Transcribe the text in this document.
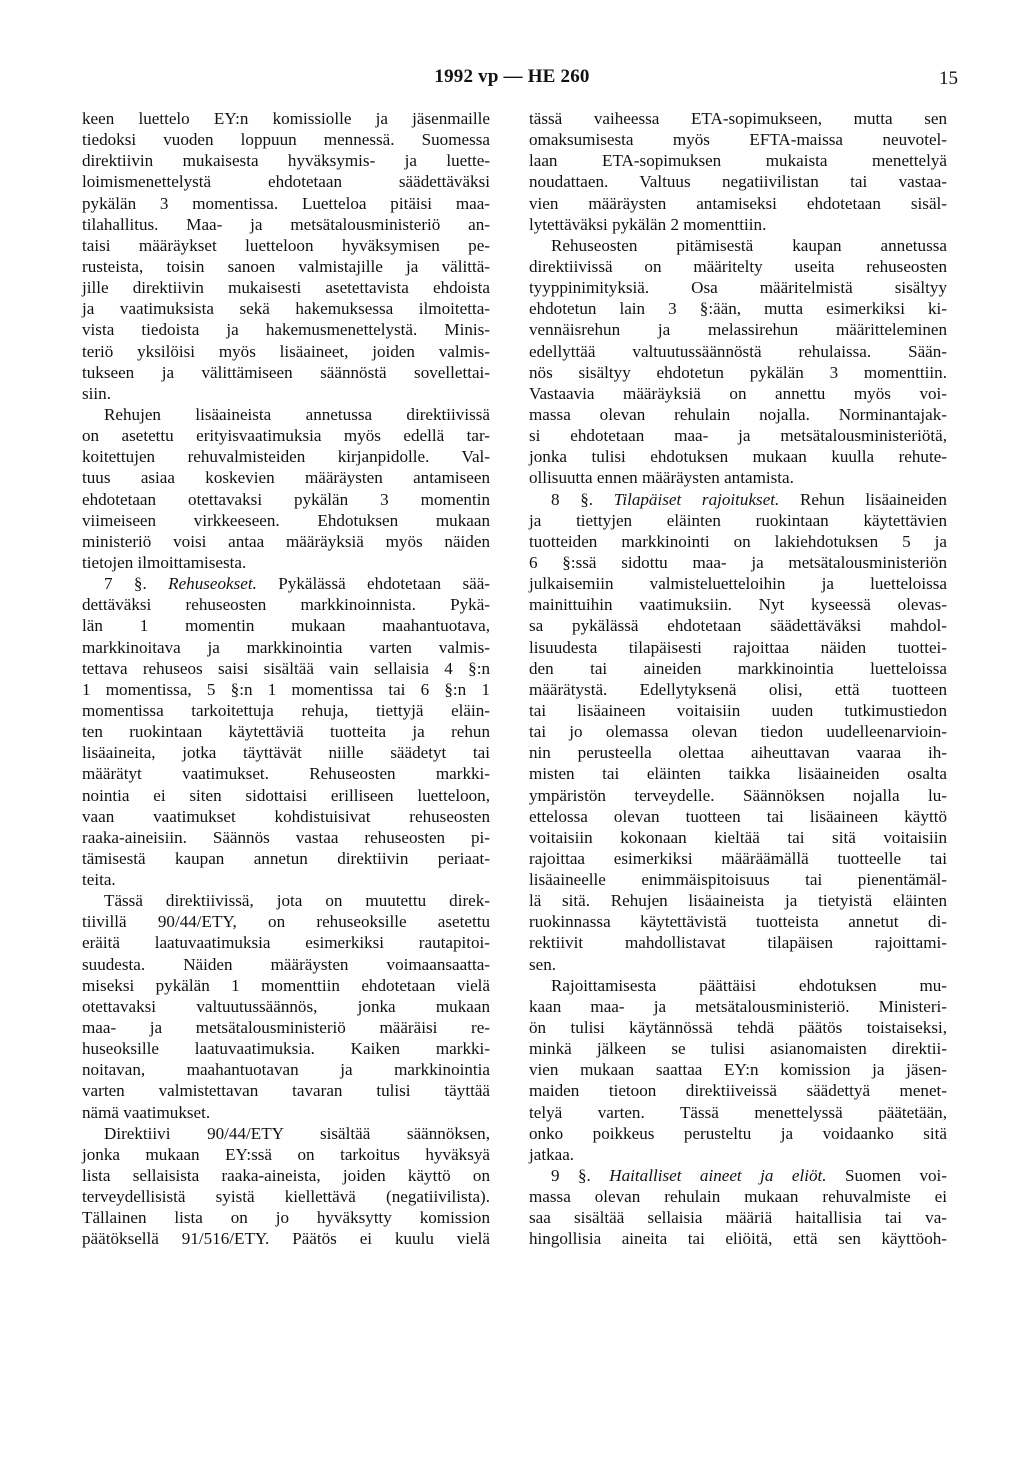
1992 vp — HE 260	15
keen luettelo EY:n komissiolle ja jäsenmaille
tiedoksi vuoden loppuun mennessä. Suomessa
direktiivin mukaisesta hyväksymis- ja luette-
loimismenettelystä ehdotetaan säädettäväksi
pykälän 3 momentissa. Luetteloa pitäisi maa-
tilahallitus. Maa- ja metsätalousministeriö an-
taisi määräykset luetteloon hyväksymisen pe-
rusteista, toisin sanoen valmistajille ja välittä-
jille direktiivin mukaisesti asetettavista ehdoista
ja vaatimuksista sekä hakemuksessa ilmoitetta-
vista tiedoista ja hakemusmenettelystä. Minis-
teriö yksilöisi myös lisäaineet, joiden valmis-
tukseen ja välittämiseen säännöstä sovellettai-
siin.
Rehujen lisäaineista annetussa direktiivissä
on asetettu erityisvaatimuksia myös edellä tar-
koitettujen rehuvalmisteiden kirjanpidolle. Val-
tuus asiaa koskevien määräysten antamiseen
ehdotetaan otettavaksi pykälän 3 momentin
viimeiseen virkkeeseen. Ehdotuksen mukaan
ministeriö voisi antaa määräyksiä myös näiden
tietojen ilmoittamisesta.
7 §. Rehuseokset. Pykälässä ehdotetaan sää-
dettäväksi rehuseosten markkinoinnista. Pykä-
län 1 momentin mukaan maahantuotava,
markkinoitava ja markkinointia varten valmis-
tettava rehuseos saisi sisältää vain sellaisia 4 §:n
1 momentissa, 5 §:n 1 momentissa tai 6 §:n 1
momentissa tarkoitettuja rehuja, tiettyjä eläin-
ten ruokintaan käytettäviä tuotteita ja rehun
lisäaineita, jotka täyttävät niille säädetyt tai
määrätyt vaatimukset. Rehuseosten markki-
nointia ei siten sidottaisi erilliseen luetteloon,
vaan vaatimukset kohdistuisivat rehuseosten
raaka-aineisiin. Säännös vastaa rehuseosten pi-
tämisestä kaupan annetun direktiivin periaat-
teita.
Tässä direktiivissä, jota on muutettu direk-
tiivillä 90/44/ETY, on rehuseoksille asetettu
eräitä laatuvaatimuksia esimerkiksi rautapitoi-
suudesta. Näiden määräysten voimaansaatta-
miseksi pykälän 1 momenttiin ehdotetaan vielä
otettavaksi valtuutussäännös, jonka mukaan
maa- ja metsätalousministeriö määräisi re-
huseoksille laatuvaatimuksia. Kaiken markki-
noitavan, maahantuotavan ja markkinointia
varten valmistettavan tavaran tulisi täyttää
nämä vaatimukset.
Direktiivi 90/44/ETY sisältää säännöksen,
jonka mukaan EY:ssä on tarkoitus hyväksyä
lista sellaisista raaka-aineista, joiden käyttö on
terveydellisistä syistä kiellettävä (negatiivilista).
Tällainen lista on jo hyväksytty komission
päätöksellä 91/516/ETY. Päätös ei kuulu vielä
tässä vaiheessa ETA-sopimukseen, mutta sen
omaksumisesta myös EFTA-maissa neuvotel-
laan ETA-sopimuksen mukaista menettelyä
noudattaen. Valtuus negatiivilistan tai vastaa-
vien määräysten antamiseksi ehdotetaan sisäl-
lytettäväksi pykälän 2 momenttiin.
Rehuseosten pitämisestä kaupan annetussa
direktiivissä on määritelty useita rehuseosten
tyyppinimityksiä. Osa määritelmistä sisältyy
ehdotetun lain 3 §:ään, mutta esimerkiksi ki-
vennäisrehun ja melassirehun määritteleminen
edellyttää valtuutussäännöstä rehulaissa. Sään-
nös sisältyy ehdotetun pykälän 3 momenttiin.
Vastaavia määräyksiä on annettu myös voi-
massa olevan rehulain nojalla. Norminantajak-
si ehdotetaan maa- ja metsätalousministeriötä,
jonka tulisi ehdotuksen mukaan kuulla rehute-
ollisuutta ennen määräysten antamista.
8 §. Tilapäiset rajoitukset. Rehun lisäaineiden
ja tiettyjen eläinten ruokintaan käytettävien
tuotteiden markkinointi on lakiehdotuksen 5 ja
6 §:ssä sidottu maa- ja metsätalousministeriön
julkaisemiin valmisteluetteloihin ja luetteloissa
mainittuihin vaatimuksiin. Nyt kyseessä olevas-
sa pykälässä ehdotetaan säädettäväksi mahdol-
lisuudesta tilapäisesti rajoittaa näiden tuottei-
den tai aineiden markkinointia luetteloissa
määrätystä. Edellytyksenä olisi, että tuotteen
tai lisäaineen voitaisiin uuden tutkimustiedon
tai jo olemassa olevan tiedon uudelleenarvioin-
nin perusteella olettaa aiheuttavan vaaraa ih-
misten tai eläinten taikka lisäaineiden osalta
ympäristön terveydelle. Säännöksen nojalla lu-
ettelossa olevan tuotteen tai lisäaineen käyttö
voitaisiin kokonaan kieltää tai sitä voitaisiin
rajoittaa esimerkiksi määräämällä tuotteelle tai
lisäaineelle enimmäispitoisuus tai pienentämäl-
lä sitä. Rehujen lisäaineista ja tietyistä eläinten
ruokinnassa käytettävistä tuotteista annetut di-
rektiivit mahdollistavat tilapäisen rajoittami-
sen.
Rajoittamisesta päättäisi ehdotuksen mu-
kaan maa- ja metsätalousministeriö. Ministeri-
ön tulisi käytännössä tehdä päätös toistaiseksi,
minkä jälkeen se tulisi asianomaisten direktii-
vien mukaan saattaa EY:n komission ja jäsen-
maiden tietoon direktiiveissä säädettyä menet-
telyä varten. Tässä menettelyssä päätetään,
onko poikkeus perusteltu ja voidaanko sitä
jatkaa.
9 §. Haitalliset aineet ja eliöt. Suomen voi-
massa olevan rehulain mukaan rehuvalmiste ei
saa sisältää sellaisia määriä haitallisia tai va-
hingollisia aineita tai eliöitä, että sen käyttöoh-
